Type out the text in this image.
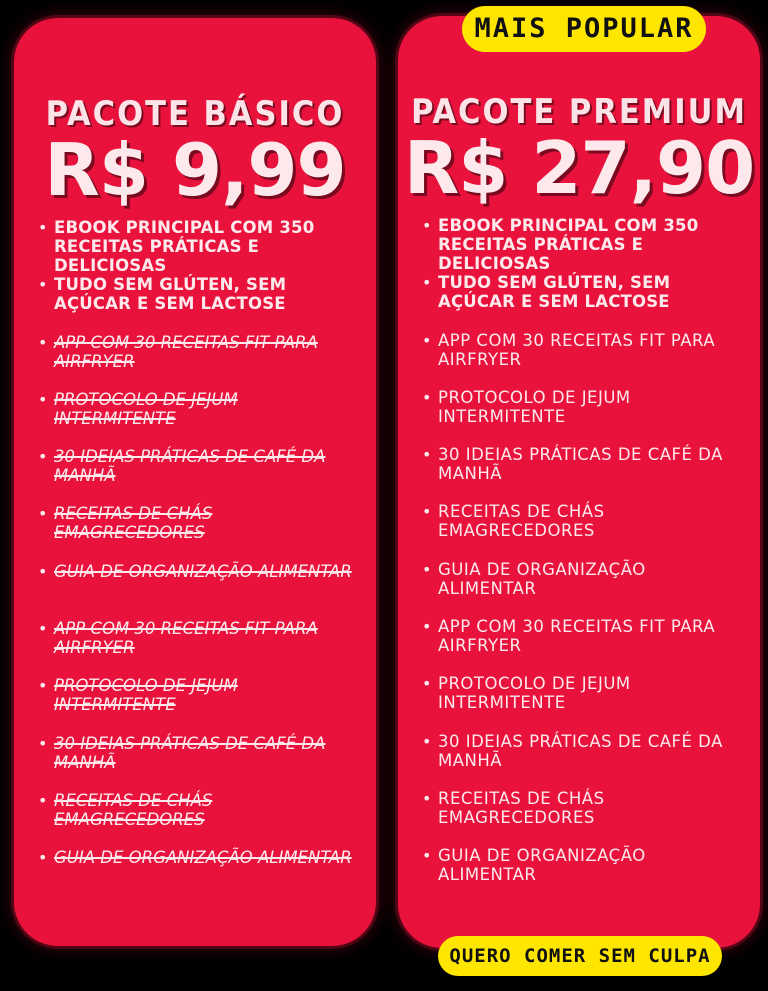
PACOTE BÁSICO
R$ 9,99
• EBOOK PRINCIPAL COM 350 RECEITAS PRÁTICAS E DELICIOSAS
• TUDO SEM GLÚTEN, SEM AÇÚCAR E SEM LACTOSE
• APP COM 30 RECEITAS FIT PARA AIRFRYER
• PROTOCOLO DE JEJUM INTERMITENTE
• 30 IDEIAS PRÁTICAS DE CAFÉ DA MANHÃ
• RECEITAS DE CHÁS EMAGRECEDORES
• GUIA DE ORGANIZAÇÃO ALIMENTAR
• APP COM 30 RECEITAS FIT PARA AIRFRYER
• PROTOCOLO DE JEJUM INTERMITENTE
• 30 IDEIAS PRÁTICAS DE CAFÉ DA MANHÃ
• RECEITAS DE CHÁS EMAGRECEDORES
• GUIA DE ORGANIZAÇÃO ALIMENTAR
PACOTE PREMIUM
R$ 27,90
• EBOOK PRINCIPAL COM 350 RECEITAS PRÁTICAS E DELICIOSAS
• TUDO SEM GLÚTEN, SEM AÇÚCAR E SEM LACTOSE
• APP COM 30 RECEITAS FIT PARA AIRFRYER
• PROTOCOLO DE JEJUM INTERMITENTE
• 30 IDEIAS PRÁTICAS DE CAFÉ DA MANHÃ
• RECEITAS DE CHÁS EMAGRECEDORES
• GUIA DE ORGANIZAÇÃO ALIMENTAR
• APP COM 30 RECEITAS FIT PARA AIRFRYER
• PROTOCOLO DE JEJUM INTERMITENTE
• 30 IDEIAS PRÁTICAS DE CAFÉ DA MANHÃ
• RECEITAS DE CHÁS EMAGRECEDORES
• GUIA DE ORGANIZAÇÃO ALIMENTAR
MAIS POPULAR
QUERO COMER SEM CULPA
